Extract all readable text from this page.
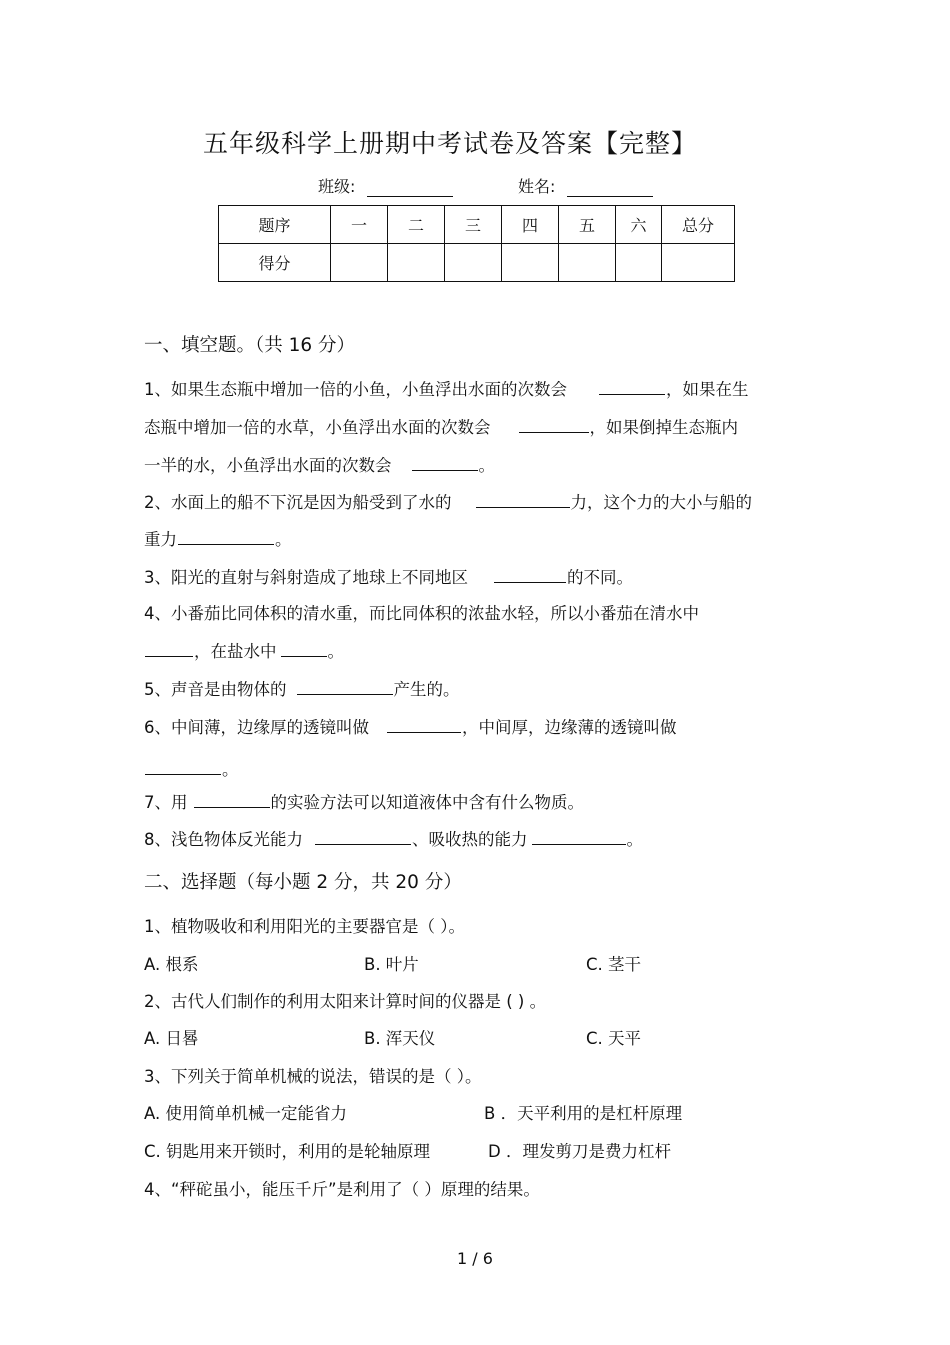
五年级科学上册期中考试卷及答案【完整】
班级:	姓名:
题序	一	二	三	四	五	六	总分
得分							
一、填空题。（共 16 分）
1、如果生态瓶中增加一倍的小鱼，小鱼浮出水面的次数会	，如果在生
态瓶中增加一倍的水草，小鱼浮出水面的次数会	，如果倒掉生态瓶内
一半的水，小鱼浮出水面的次数会	。
2、水面上的船不下沉是因为船受到了水的	力，这个力的大小与船的
重力	。
3、阳光的直射与斜射造成了地球上不同地区	的不同。
4、小番茄比同体积的清水重，而比同体积的浓盐水轻，所以小番茄在清水中
，在盐水中	。
5、声音是由物体的	产生的。
6、中间薄，边缘厚的透镜叫做	，中间厚，边缘薄的透镜叫做
。
7、用	的实验方法可以知道液体中含有什么物质。
8、浅色物体反光能力	、吸收热的能力	。
二、选择题（每小题 2 分，共 20 分）
1、植物吸收和利用阳光的主要器官是（ ）。
A. 根系	B. 叶片	C. 茎干
2、古代人们制作的利用太阳来计算时间的仪器是 ( ) 。
A. 日晷	B. 浑天仪	C. 天平
3、下列关于简单机械的说法，错误的是（ ）。
A. 使用简单机械一定能省力	B ．天平利用的是杠杆原理
C. 钥匙用来开锁时，利用的是轮轴原理	D ．理发剪刀是费力杠杆
4、“秤砣虽小，能压千斤”是利用了（ ）原理的结果。
1 / 6
